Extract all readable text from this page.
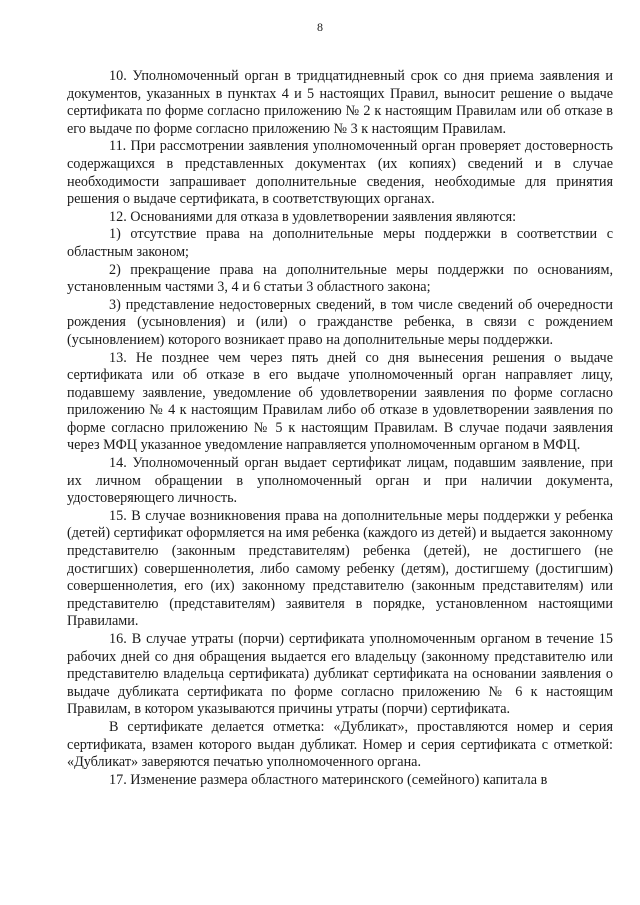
8

10. Уполномоченный орган в тридцатидневный срок со дня приема заявления и документов, указанных в пунктах 4 и 5 настоящих Правил, выносит решение о выдаче сертификата по форме согласно приложению № 2 к настоящим Правилам или об отказе в его выдаче по форме согласно приложению № 3 к настоящим Правилам.

11. При рассмотрении заявления уполномоченный орган проверяет достоверность содержащихся в представленных документах (их копиях) сведений и в случае необходимости запрашивает дополнительные сведения, необходимые для принятия решения о выдаче сертификата, в соответствующих органах.

12. Основаниями для отказа в удовлетворении заявления являются:

1) отсутствие права на дополнительные меры поддержки в соответствии с областным законом;

2) прекращение права на дополнительные меры поддержки по основаниям, установленным частями 3, 4 и 6 статьи 3 областного закона;

3) представление недостоверных сведений, в том числе сведений об очередности рождения (усыновления) и (или) о гражданстве ребенка, в связи с рождением (усыновлением) которого возникает право на дополнительные меры поддержки.

13. Не позднее чем через пять дней со дня вынесения решения о выдаче сертификата или об отказе в его выдаче уполномоченный орган направляет лицу, подавшему заявление, уведомление об удовлетворении заявления по форме согласно приложению № 4 к настоящим Правилам либо об отказе в удовлетворении заявления по форме согласно приложению № 5 к настоящим Правилам. В случае подачи заявления через МФЦ указанное уведомление направляется уполномоченным органом в МФЦ.

14. Уполномоченный орган выдает сертификат лицам, подавшим заявление, при их личном обращении в уполномоченный орган и при наличии документа, удостоверяющего личность.

15. В случае возникновения права на дополнительные меры поддержки у ребенка (детей) сертификат оформляется на имя ребенка (каждого из детей) и выдается законному представителю (законным представителям) ребенка (детей), не достигшего (не достигших) совершеннолетия, либо самому ребенку (детям), достигшему (достигшим) совершеннолетия, его (их) законному представителю (законным представителям) или представителю (представителям) заявителя в порядке, установленном настоящими Правилами.

16. В случае утраты (порчи) сертификата уполномоченным органом в течение 15 рабочих дней со дня обращения выдается его владельцу (законному представителю или представителю владельца сертификата) дубликат сертификата на основании заявления о выдаче дубликата сертификата по форме согласно приложению № 6 к настоящим Правилам, в котором указываются причины утраты (порчи) сертификата.

В сертификате делается отметка: «Дубликат», проставляются номер и серия сертификата, взамен которого выдан дубликат. Номер и серия сертификата с отметкой: «Дубликат» заверяются печатью уполномоченного органа.

17. Изменение размера областного материнского (семейного) капитала в
